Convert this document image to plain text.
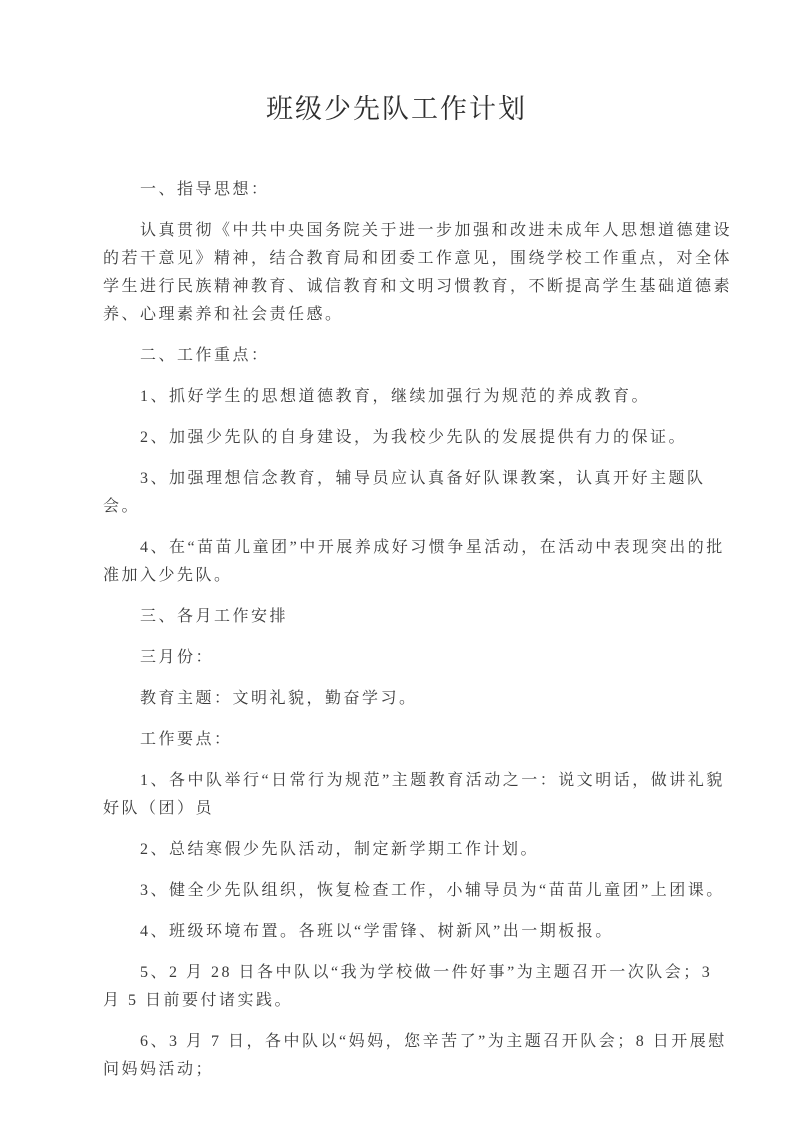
班级少先队工作计划

一、指导思想：

认真贯彻《中共中央国务院关于进一步加强和改进未成年人思想道德建设的若干意见》精神，结合教育局和团委工作意见，围绕学校工作重点，对全体学生进行民族精神教育、诚信教育和文明习惯教育，不断提高学生基础道德素养、心理素养和社会责任感。

二、工作重点：

1、抓好学生的思想道德教育，继续加强行为规范的养成教育。

2、加强少先队的自身建设，为我校少先队的发展提供有力的保证。

3、加强理想信念教育，辅导员应认真备好队课教案，认真开好主题队会。

4、在“苗苗儿童团”中开展养成好习惯争星活动，在活动中表现突出的批准加入少先队。

三、各月工作安排

三月份：

教育主题：文明礼貌，勤奋学习。

工作要点：

1、各中队举行“日常行为规范”主题教育活动之一：说文明话，做讲礼貌好队（团）员

2、总结寒假少先队活动，制定新学期工作计划。

3、健全少先队组织，恢复检查工作，小辅导员为“苗苗儿童团”上团课。

4、班级环境布置。各班以“学雷锋、树新风”出一期板报。

5、2 月 28 日各中队以“我为学校做一件好事”为主题召开一次队会；3 月 5 日前要付诸实践。

6、3 月 7 日，各中队以“妈妈，您辛苦了”为主题召开队会；8 日开展慰问妈妈活动；
